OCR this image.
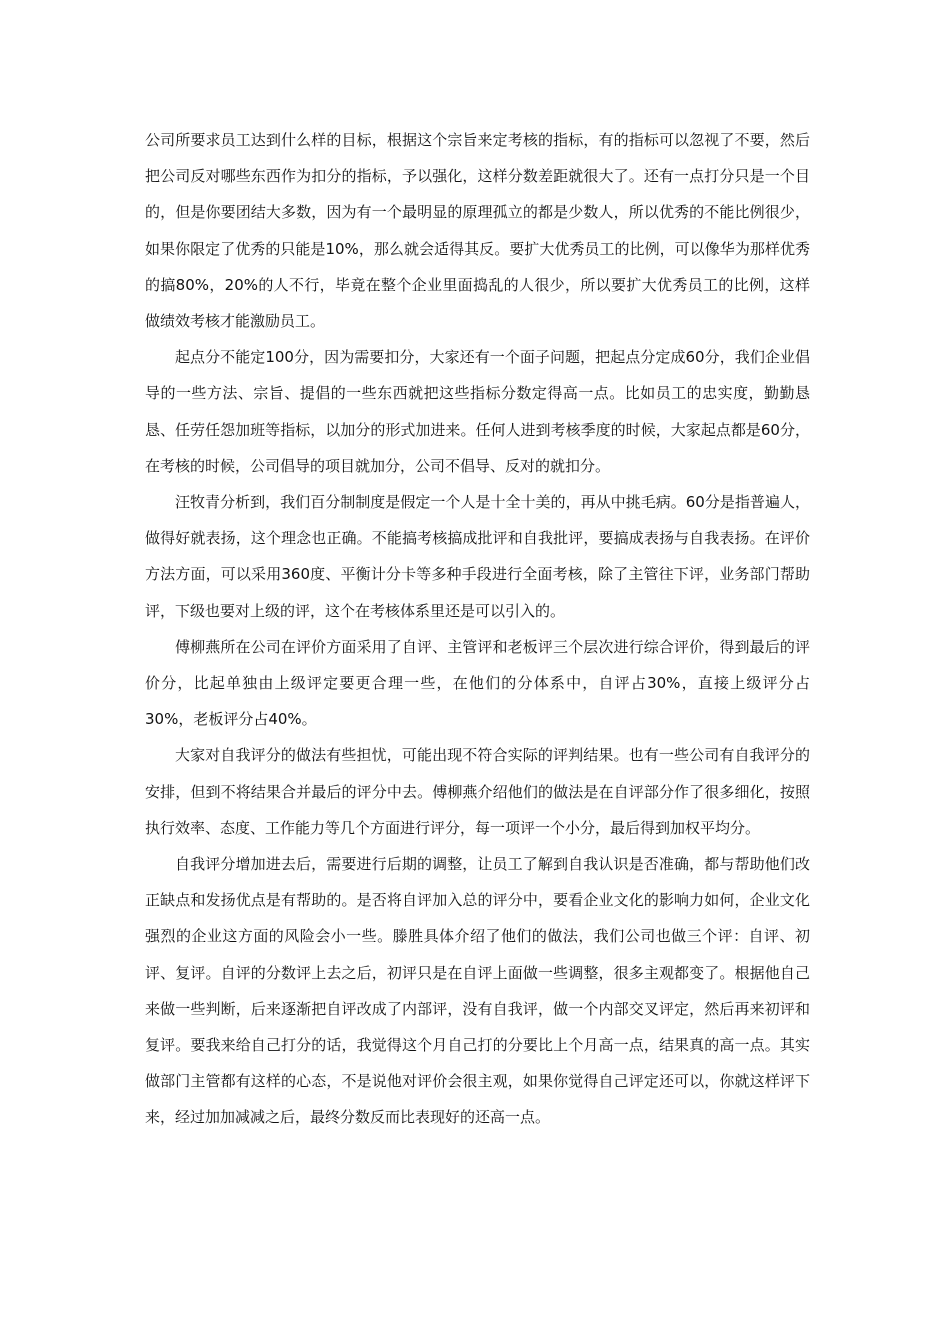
公司所要求员工达到什么样的目标，根据这个宗旨来定考核的指标，有的指标可以忽视了不要，然后把公司反对哪些东西作为扣分的指标，予以强化，这样分数差距就很大了。还有一点打分只是一个目的，但是你要团结大多数，因为有一个最明显的原理孤立的都是少数人，所以优秀的不能比例很少，如果你限定了优秀的只能是10%，那么就会适得其反。要扩大优秀员工的比例，可以像华为那样优秀的搞80%，20%的人不行，毕竟在整个企业里面捣乱的人很少，所以要扩大优秀员工的比例，这样做绩效考核才能激励员工。

起点分不能定100分，因为需要扣分，大家还有一个面子问题，把起点分定成60分，我们企业倡导的一些方法、宗旨、提倡的一些东西就把这些指标分数定得高一点。比如员工的忠实度，勤勤恳恳、任劳任怨加班等指标，以加分的形式加进来。任何人进到考核季度的时候，大家起点都是60分，在考核的时候，公司倡导的项目就加分，公司不倡导、反对的就扣分。

汪牧青分析到，我们百分制制度是假定一个人是十全十美的，再从中挑毛病。60分是指普遍人，做得好就表扬，这个理念也正确。不能搞考核搞成批评和自我批评，要搞成表扬与自我表扬。在评价方法方面，可以采用360度、平衡计分卡等多种手段进行全面考核，除了主管往下评，业务部门帮助评，下级也要对上级的评，这个在考核体系里还是可以引入的。

傅柳燕所在公司在评价方面采用了自评、主管评和老板评三个层次进行综合评价，得到最后的评价分，比起单独由上级评定要更合理一些，在他们的分体系中，自评占30%，直接上级评分占30%，老板评分占40%。

大家对自我评分的做法有些担忧，可能出现不符合实际的评判结果。也有一些公司有自我评分的安排，但到不将结果合并最后的评分中去。傅柳燕介绍他们的做法是在自评部分作了很多细化，按照执行效率、态度、工作能力等几个方面进行评分，每一项评一个小分，最后得到加权平均分。

自我评分增加进去后，需要进行后期的调整，让员工了解到自我认识是否准确，都与帮助他们改正缺点和发扬优点是有帮助的。是否将自评加入总的评分中，要看企业文化的影响力如何，企业文化强烈的企业这方面的风险会小一些。滕胜具体介绍了他们的做法，我们公司也做三个评：自评、初评、复评。自评的分数评上去之后，初评只是在自评上面做一些调整，很多主观都变了。根据他自己来做一些判断，后来逐渐把自评改成了内部评，没有自我评，做一个内部交叉评定，然后再来初评和复评。要我来给自己打分的话，我觉得这个月自己打的分要比上个月高一点，结果真的高一点。其实做部门主管都有这样的心态，不是说他对评价会很主观，如果你觉得自己评定还可以，你就这样评下来，经过加加减减之后，最终分数反而比表现好的还高一点。
